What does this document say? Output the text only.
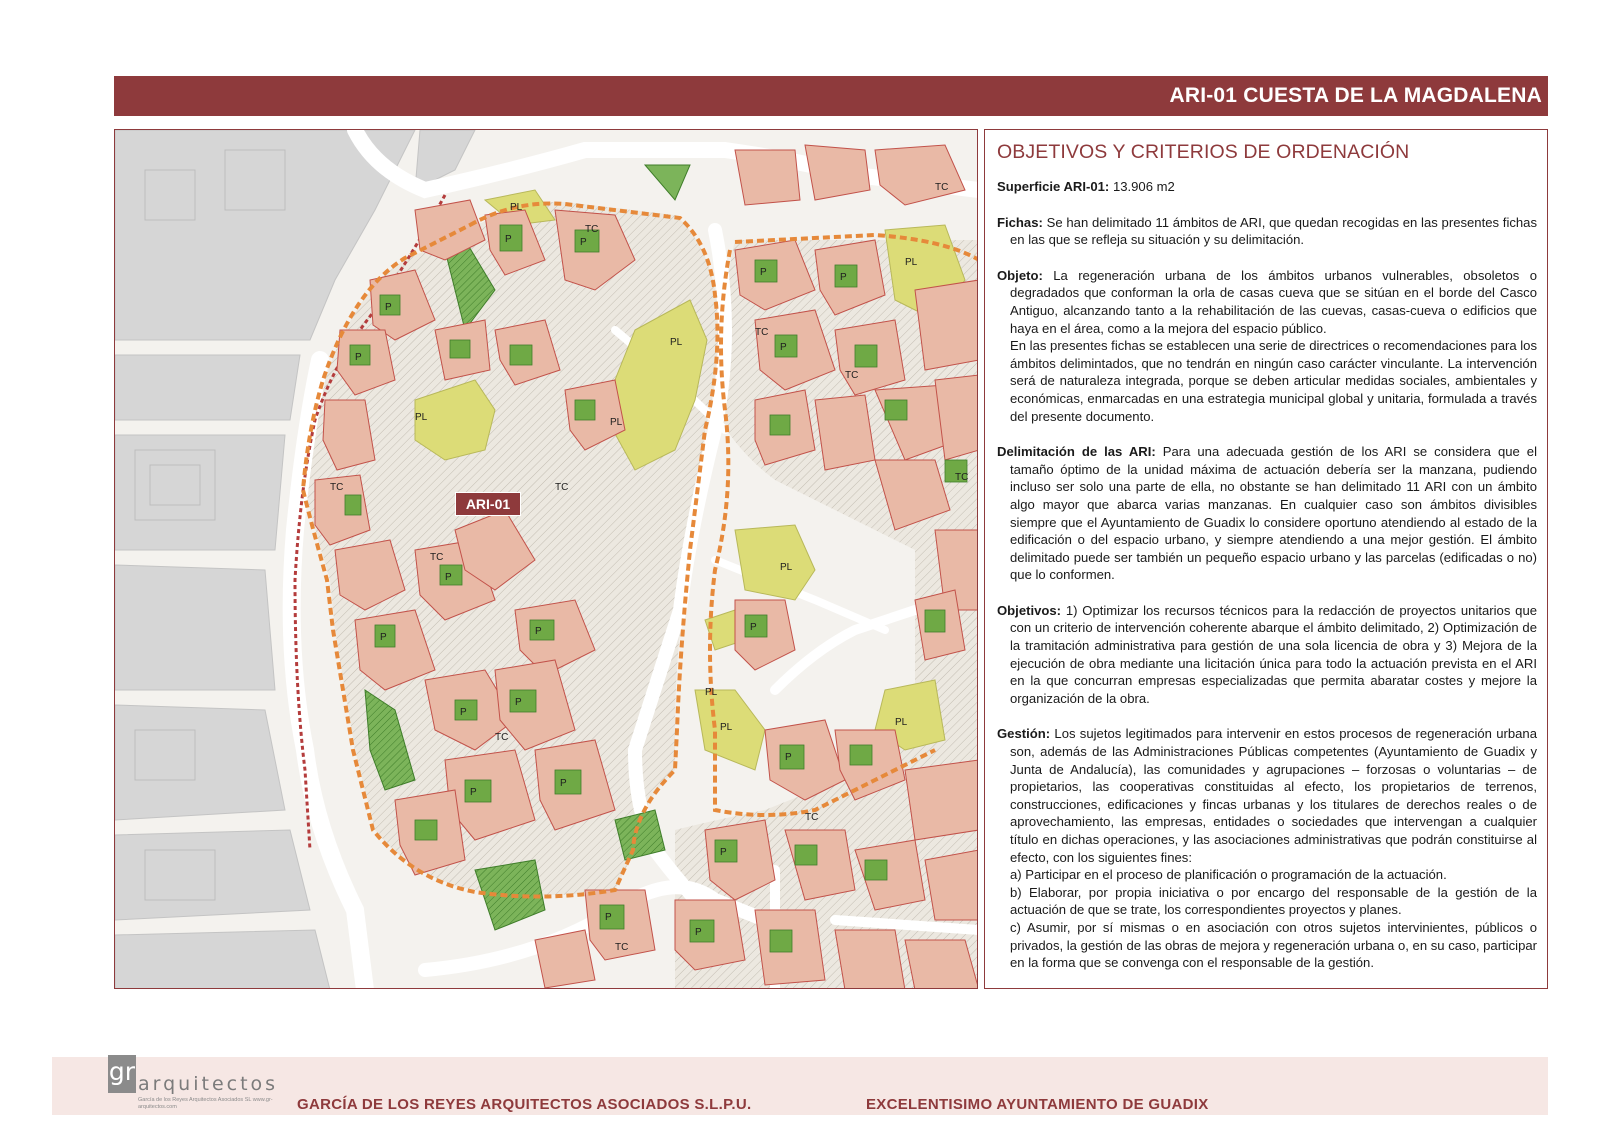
ARI-01 CUESTA DE LA MAGDALENA
PL
PL
PL	PL
PL
PL
PL
PL
PL
P	P
P
P
P
P
P
P
P
P
P
P	P
P
P
P
P
P
P
TC
TC	TC
TC
TC
TC
TC
TC
TC
TC
TC
ARI-01
OBJETIVOS Y CRITERIOS DE ORDENACIÓN
Superficie ARI-01: 13.906 m2
Fichas: Se han delimitado 11 ámbitos de ARI, que quedan recogidas en las presentes fichas en las que se refleja su situación y su delimitación.
Objeto: La regeneración urbana de los ámbitos urbanos vulnerables, obsoletos o degradados que conforman la orla de casas cueva que se sitúan en el borde del Casco Antiguo, alcanzando tanto a la rehabilitación de las cuevas, casas-cueva o edificios que haya en el área, como a la mejora del espacio público.
En las presentes fichas se establecen una serie de directrices o recomendaciones para los ámbitos delimintados, que no tendrán en ningún caso carácter vinculante. La intervención será de naturaleza integrada, porque se deben articular medidas sociales, ambientales y económicas, enmarcadas en una estrategia municipal global y unitaria, formulada a través del presente documento.
Delimitación de las ARI: Para una adecuada gestión de los ARI se considera que el tamaño óptimo de la unidad máxima de actuación debería ser la manzana, pudiendo incluso ser solo una parte de ella, no obstante se han delimitado 11 ARI con un ámbito algo mayor que abarca varias manzanas. En cualquier caso son ámbitos divisibles siempre que el Ayuntamiento de Guadix lo considere oportuno atendiendo al estado de la edificación o del espacio urbano, y siempre atendiendo a una mejor gestión. El ámbito delimitado puede ser también un pequeño espacio urbano y las parcelas (edificadas o no) que lo conformen.
Objetivos: 1) Optimizar los recursos técnicos para la redacción de proyectos unitarios que con un criterio de intervención coherente abarque el ámbito delimitado, 2) Optimización de la tramitación administrativa para gestión de una sola licencia de obra y 3) Mejora de la ejecución de obra mediante una licitación única para todo la actuación prevista en el ARI en la que concurran empresas especializadas que permita abaratar costes y mejore la organización de la obra.
Gestión: Los sujetos legitimados para intervenir en estos procesos de regeneración urbana son, además de las Administraciones Públicas competentes (Ayuntamiento de Guadix y Junta de Andalucía), las comunidades y agrupaciones – forzosas o voluntarias – de propietarios, las cooperativas constituidas al efecto, los propietarios de terrenos, construcciones, edificaciones y fincas urbanas y los titulares de derechos reales o de aprovechamiento, las empresas, entidades o sociedades que intervengan a cualquier título en dichas operaciones, y las asociaciones administrativas que podrán constituirse al efecto, con los siguientes fines:
a) Participar en el proceso de planificación o programación de la actuación.
b) Elaborar, por propia iniciativa o por encargo del responsable de la gestión de la actuación de que se trate, los correspondientes proyectos y planes.
c) Asumir, por sí mismas o en asociación con otros sujetos intervinientes, públicos o privados, la gestión de las obras de mejora y regeneración urbana o, en su caso, participar en la forma que se convenga con el responsable de la gestión.
gr arquitectos
García de los Reyes Arquitectos Asociados SL www.gr-arquitectos.com	GARCÍA DE LOS REYES ARQUITECTOS ASOCIADOS S.L.P.U.	EXCELENTISIMO AYUNTAMIENTO DE GUADIX
